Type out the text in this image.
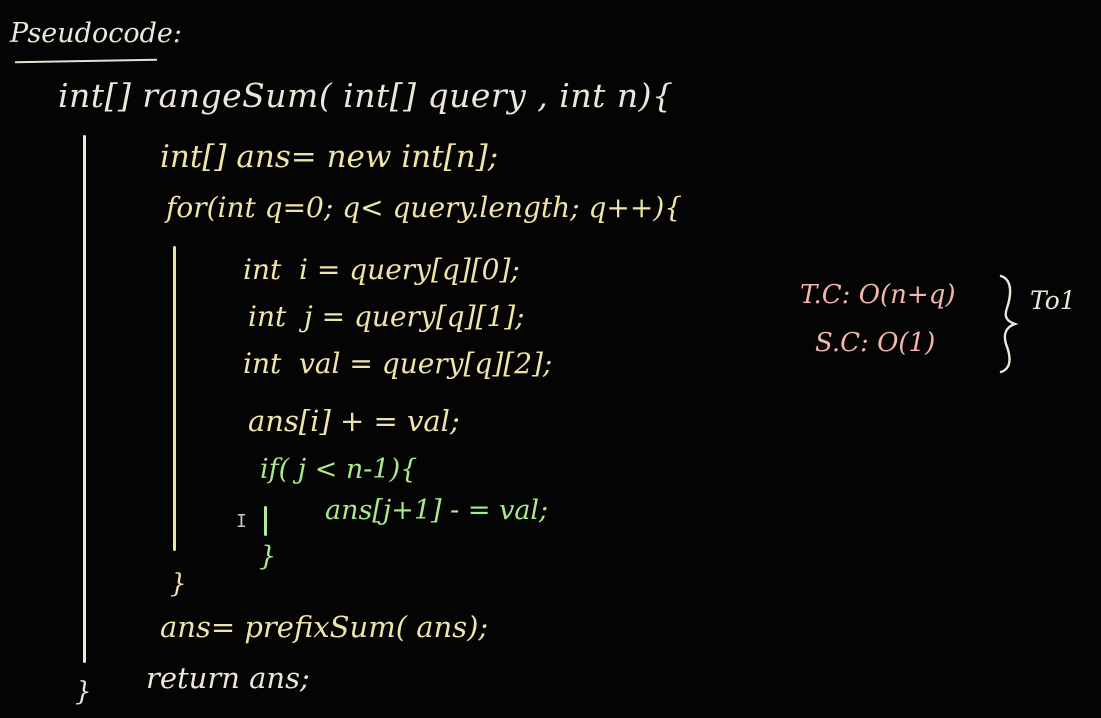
Pseudocode:
int[] rangeSum( int[] query , int n){
int[] ans= new int[n];
for(int q=0; q< query.length; q++){
int  i = query[q][0];
int  j = query[q][1];
int  val = query[q][2];
ans[i] + = val;
if( j < n-1){
ans[j+1] - = val;
}
I
}
ans= prefixSum( ans);
return ans;
}
T.C: O(n+q)
S.C: O(1)
To1
